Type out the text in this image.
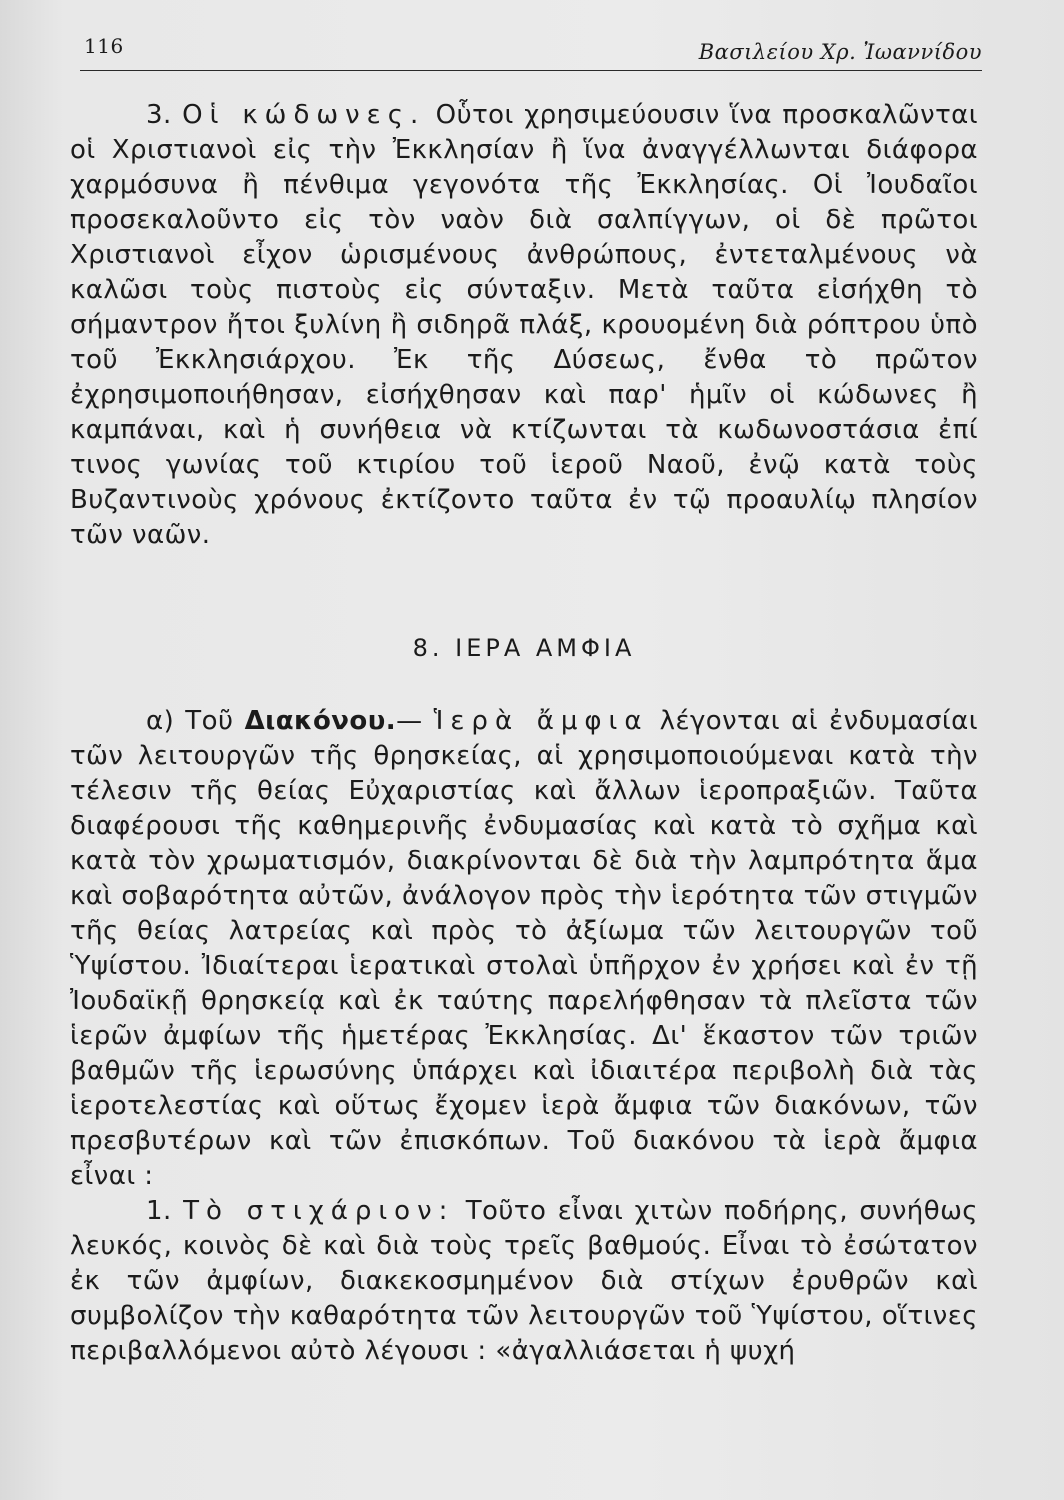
116	Βασιλείου Χρ. Ἰωαννίδου

3. Οἱ κώδωνες. Οὗτοι χρησιμεύουσιν ἵνα προσκαλῶνται οἱ Χριστιανοὶ εἰς τὴν Ἐκκλησίαν ἢ ἵνα ἀναγγέλλωνται διάφορα χαρμόσυνα ἢ πένθιμα γεγονότα τῆς Ἐκκλησίας. Οἱ Ἰουδαῖοι προσεκαλοῦντο εἰς τὸν ναὸν διὰ σαλπίγγων, οἱ δὲ πρῶτοι Χριστιανοὶ εἶχον ὡρισμένους ἀνθρώπους, ἐντεταλμένους νὰ καλῶσι τοὺς πιστοὺς εἰς σύνταξιν. Μετὰ ταῦτα εἰσήχθη τὸ σήμαντρον ἤτοι ξυλίνη ἢ σιδηρᾶ πλάξ, κρουομένη διὰ ρόπτρου ὑπὸ τοῦ Ἐκκλησιάρχου. Ἐκ τῆς Δύσεως, ἔνθα τὸ πρῶτον ἐχρησιμοποιήθησαν, εἰσήχθησαν καὶ παρ' ἡμῖν οἱ κώδωνες ἢ καμπάναι, καὶ ἡ συνήθεια νὰ κτίζωνται τὰ κωδωνοστάσια ἐπί τινος γωνίας τοῦ κτιρίου τοῦ ἱεροῦ Ναοῦ, ἐνῷ κατὰ τοὺς Βυζαντινοὺς χρόνους ἐκτίζοντο ταῦτα ἐν τῷ προαυλίῳ πλησίον τῶν ναῶν.

8. ΙΕΡΑ ΑΜΦΙΑ

α) Τοῦ Διακόνου.— Ἱερὰ ἄμφια λέγονται αἱ ἐνδυμασίαι τῶν λειτουργῶν τῆς θρησκείας, αἱ χρησιμοποιούμεναι κατὰ τὴν τέλεσιν τῆς θείας Εὐχαριστίας καὶ ἄλλων ἱεροπραξιῶν. Ταῦτα διαφέρουσι τῆς καθημερινῆς ἐνδυμασίας καὶ κατὰ τὸ σχῆμα καὶ κατὰ τὸν χρωματισμόν, διακρίνονται δὲ διὰ τὴν λαμπρότητα ἅμα καὶ σοβαρότητα αὐτῶν, ἀνάλογον πρὸς τὴν ἱερότητα τῶν στιγμῶν τῆς θείας λατρείας καὶ πρὸς τὸ ἀξίωμα τῶν λειτουργῶν τοῦ Ὑψίστου. Ἰδιαίτεραι ἱερατικαὶ στολαὶ ὑπῆρχον ἐν χρήσει καὶ ἐν τῇ Ἰουδαϊκῇ θρησκείᾳ καὶ ἐκ ταύτης παρελήφθησαν τὰ πλεῖστα τῶν ἱερῶν ἀμφίων τῆς ἡμετέρας Ἐκκλησίας. Δι' ἕκαστον τῶν τριῶν βαθμῶν τῆς ἱερωσύνης ὑπάρχει καὶ ἰδιαιτέρα περιβολὴ διὰ τὰς ἱεροτελεστίας καὶ οὕτως ἔχομεν ἱερὰ ἄμφια τῶν διακόνων, τῶν πρεσβυτέρων καὶ τῶν ἐπισκόπων. Τοῦ διακόνου τὰ ἱερὰ ἄμφια εἶναι :

1. Τὸ στιχάριον: Τοῦτο εἶναι χιτὼν ποδήρης, συνήθως λευκός, κοινὸς δὲ καὶ διὰ τοὺς τρεῖς βαθμούς. Εἶναι τὸ ἐσώτατον ἐκ τῶν ἀμφίων, διακεκοσμημένον διὰ στίχων ἐρυθρῶν καὶ συμβολίζον τὴν καθαρότητα τῶν λειτουργῶν τοῦ Ὑψίστου, οἵτινες περιβαλλόμενοι αὐτὸ λέγουσι : «ἀγαλλιάσεται ἡ ψυχή
